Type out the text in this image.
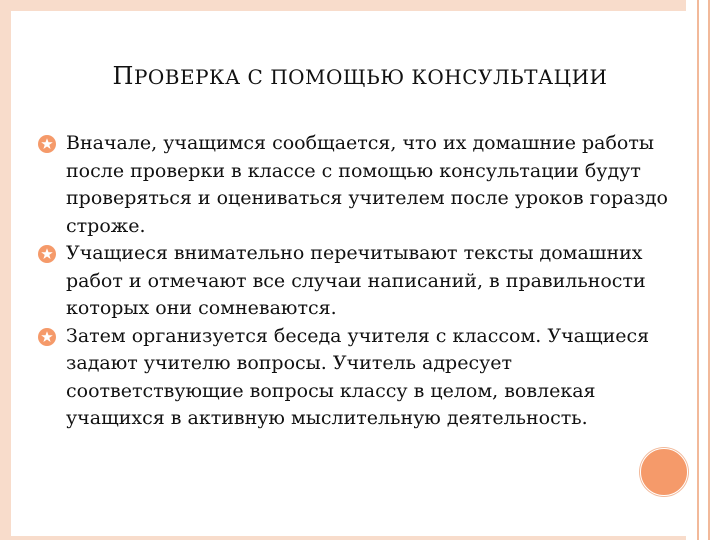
ПРОВЕРКА С ПОМОЩЬЮ КОНСУЛЬТАЦИИ
Вначале, учащимся сообщается, что их домашние работы после проверки в классе с помощью консультации будут проверяться и оцениваться учителем после уроков гораздо строже.
Учащиеся внимательно перечитывают тексты домашних работ и отмечают все случаи написаний, в правильности которых они сомневаются.
Затем организуется беседа учителя с классом. Учащиеся задают учителю вопросы. Учитель адресует соответствующие вопросы классу в целом, вовлекая учащихся в активную мыслительную деятельность.
